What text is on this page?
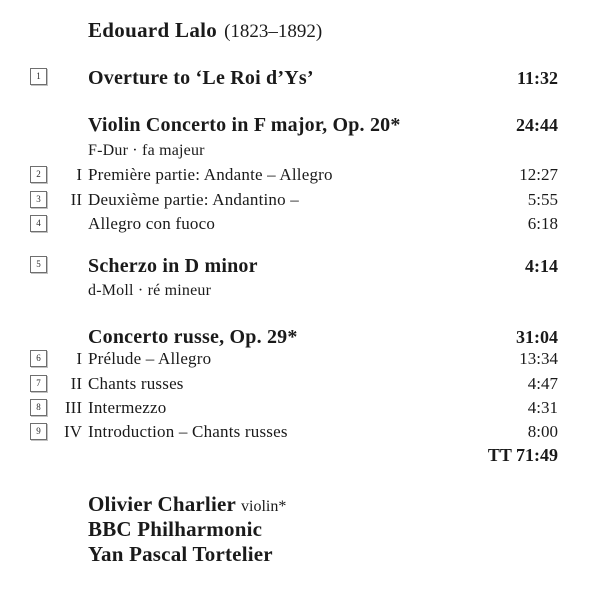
Edouard Lalo (1823–1892)
1 Overture to ‘Le Roi d’Ys’	11:32
Violin Concerto in F major, Op. 20*	24:44
F-Dur · fa majeur
2	I Première partie: Andante – Allegro	12:27
3	II Deuxième partie: Andantino –	5:55
4	Allegro con fuoco	6:18
5 Scherzo in D minor	4:14
d-Moll · ré mineur
Concerto russe, Op. 29*	31:04
6	I Prélude – Allegro	13:34
7	II Chants russes	4:47
8	III Intermezzo	4:31
9	IV Introduction – Chants russes	8:00
TT 71:49
Olivier Charlier violin*
BBC Philharmonic
Yan Pascal Tortelier
